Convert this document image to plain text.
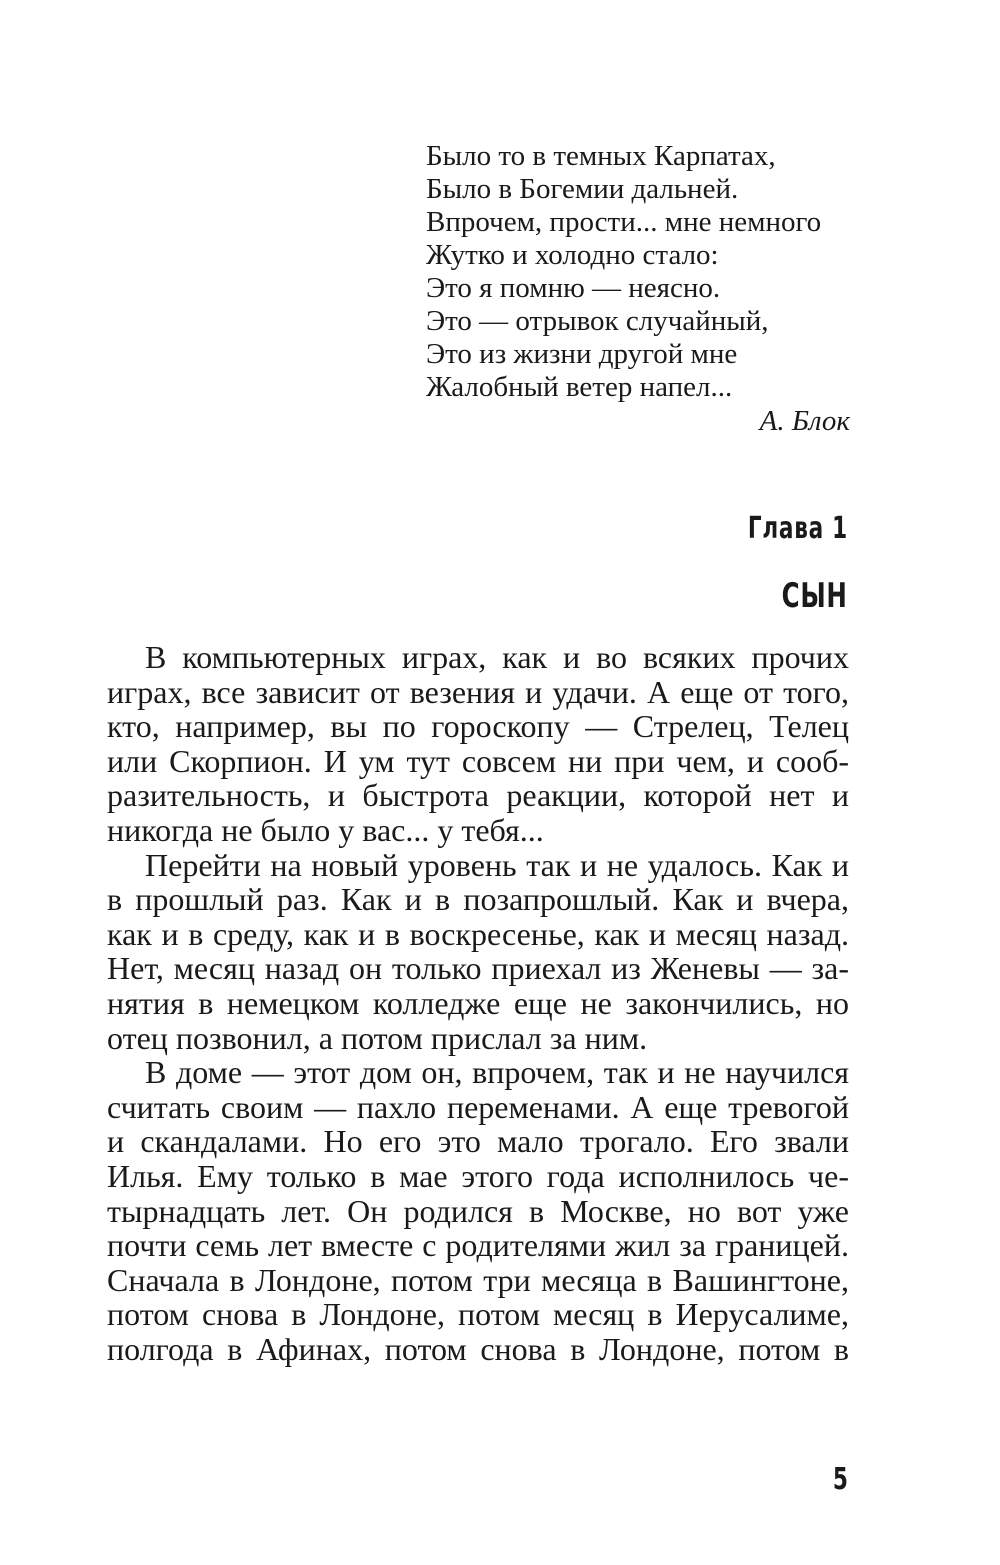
Было то в темных Карпатах,
Было в Богемии дальней.
Впрочем, прости... мне немного
Жутко и холодно стало:
Это я помню — неясно.
Это — отрывок случайный,
Это из жизни другой мне
Жалобный ветер напел...
А. Блок
Глава 1
СЫН
В компьютерных играх, как и во всяких прочих
играх, все зависит от везения и удачи. А еще от того,
кто, например, вы по гороскопу — Стрелец, Телец
или Скорпион. И ум тут совсем ни при чем, и сооб-
разительность, и быстрота реакции, которой нет и
никогда не было у вас... у тебя...
Перейти на новый уровень так и не удалось. Как и
в прошлый раз. Как и в позапрошлый. Как и вчера,
как и в среду, как и в воскресенье, как и месяц назад.
Нет, месяц назад он только приехал из Женевы — за-
нятия в немецком колледже еще не закончились, но
отец позвонил, а потом прислал за ним.
В доме — этот дом он, впрочем, так и не научился
считать своим — пахло переменами. А еще тревогой
и скандалами. Но его это мало трогало. Его звали
Илья. Ему только в мае этого года исполнилось че-
тырнадцать лет. Он родился в Москве, но вот уже
почти семь лет вместе с родителями жил за границей.
Сначала в Лондоне, потом три месяца в Вашингтоне,
потом снова в Лондоне, потом месяц в Иерусалиме,
полгода в Афинах, потом снова в Лондоне, потом в
5
